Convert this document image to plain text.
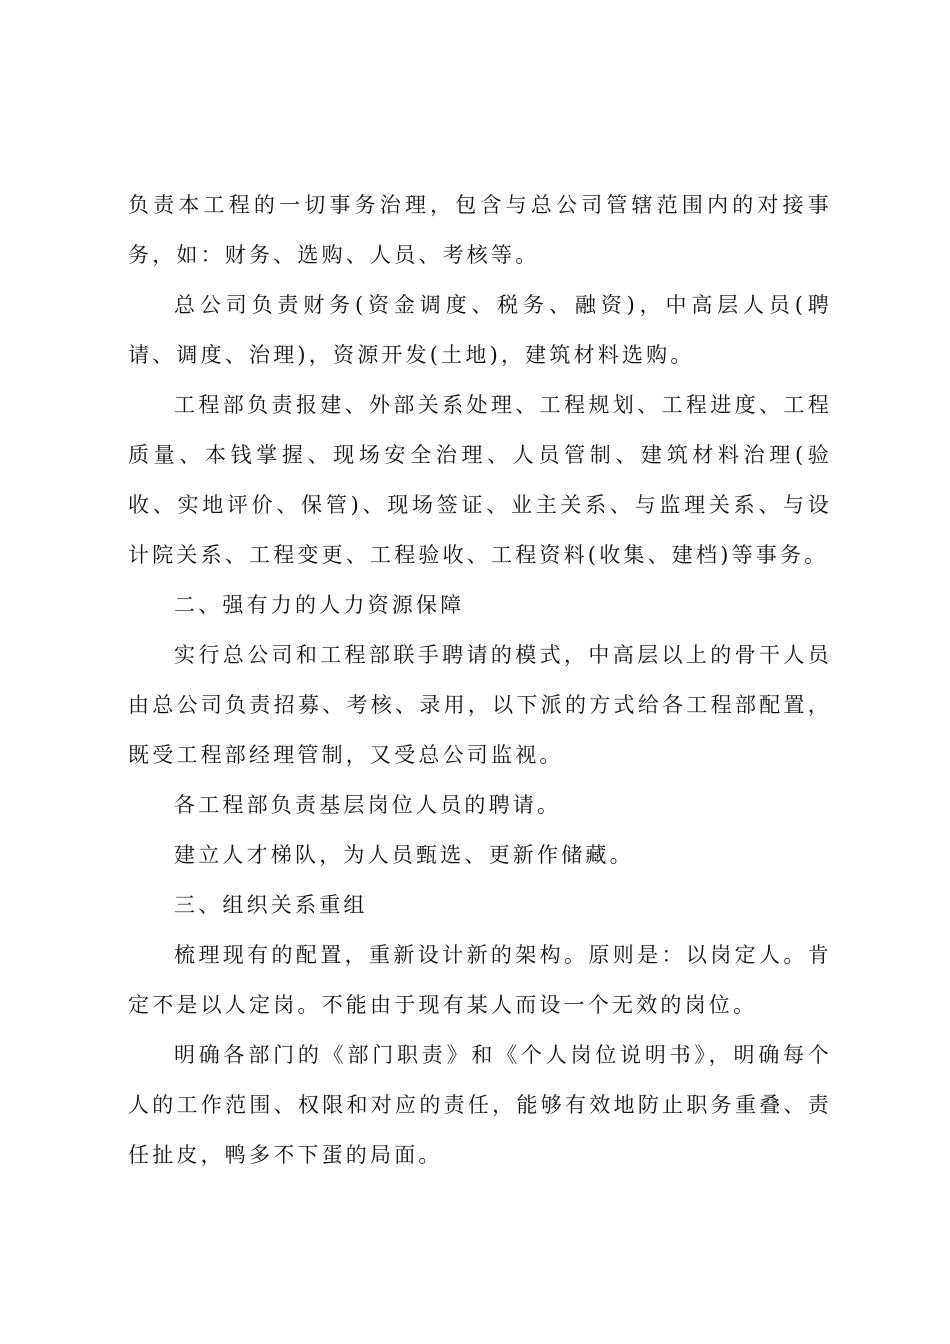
负责本工程的一切事务治理，包含与总公司管辖范围内的对接事务，如：财务、选购、人员、考核等。

总公司负责财务(资金调度、税务、融资)，中高层人员(聘请、调度、治理)，资源开发(土地)，建筑材料选购。

工程部负责报建、外部关系处理、工程规划、工程进度、工程质量、本钱掌握、现场安全治理、人员管制、建筑材料治理(验收、实地评价、保管)、现场签证、业主关系、与监理关系、与设计院关系、工程变更、工程验收、工程资料(收集、建档)等事务。

二、强有力的人力资源保障

实行总公司和工程部联手聘请的模式，中高层以上的骨干人员由总公司负责招募、考核、录用，以下派的方式给各工程部配置，既受工程部经理管制，又受总公司监视。

各工程部负责基层岗位人员的聘请。

建立人才梯队，为人员甄选、更新作储藏。

三、组织关系重组

梳理现有的配置，重新设计新的架构。原则是：以岗定人。肯定不是以人定岗。不能由于现有某人而设一个无效的岗位。

明确各部门的《部门职责》和《个人岗位说明书》，明确每个人的工作范围、权限和对应的责任，能够有效地防止职务重叠、责任扯皮，鸭多不下蛋的局面。
